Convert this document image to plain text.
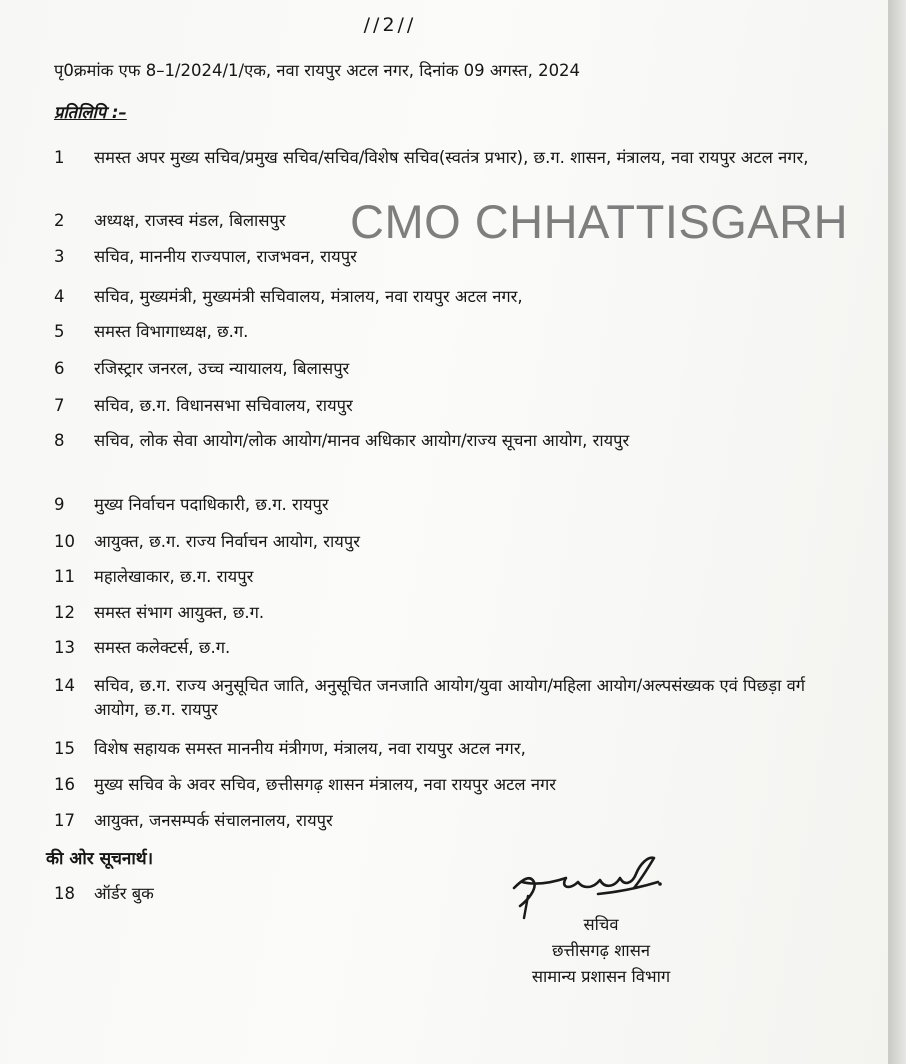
//2//
पृ0क्रमांक एफ 8–1/2024/1/एक, नवा रायपुर अटल नगर, दिनांक 09 अगस्त, 2024
प्रतिलिपि :–
1	समस्त अपर मुख्य सचिव/प्रमुख सचिव/सचिव/विशेष सचिव(स्वतंत्र प्रभार), छ.ग. शासन, मंत्रालय, नवा रायपुर अटल नगर,
2	अध्यक्ष, राजस्व मंडल, बिलासपुर
3	सचिव, माननीय राज्यपाल, राजभवन, रायपुर
4	सचिव, मुख्यमंत्री, मुख्यमंत्री सचिवालय, मंत्रालय, नवा रायपुर अटल नगर,
5	समस्त विभागाध्यक्ष, छ.ग.
6	रजिस्ट्रार जनरल, उच्च न्यायालय, बिलासपुर
7	सचिव, छ.ग. विधानसभा सचिवालय, रायपुर
8	सचिव, लोक सेवा आयोग/लोक आयोग/मानव अधिकार आयोग/राज्य सूचना आयोग, रायपुर
9	मुख्य निर्वाचन पदाधिकारी, छ.ग. रायपुर
10	आयुक्त, छ.ग. राज्य निर्वाचन आयोग, रायपुर
11	महालेखाकार, छ.ग. रायपुर
12	समस्त संभाग आयुक्त, छ.ग.
13	समस्त कलेक्टर्स, छ.ग.
14	सचिव, छ.ग. राज्य अनुसूचित जाति, अनुसूचित जनजाति आयोग/युवा आयोग/महिला आयोग/अल्पसंख्यक एवं पिछड़ा वर्ग आयोग, छ.ग. रायपुर
15	विशेष सहायक समस्त माननीय मंत्रीगण, मंत्रालय, नवा रायपुर अटल नगर,
16	मुख्य सचिव के अवर सचिव, छत्तीसगढ़ शासन मंत्रालय, नवा रायपुर अटल नगर
17	आयुक्त, जनसम्पर्क संचालनालय, रायपुर
18	ऑर्डर बुक
की ओर सूचनार्थ।
CMO CHHATTISGARH
सचिव
छत्तीसगढ़ शासन
सामान्य प्रशासन विभाग
